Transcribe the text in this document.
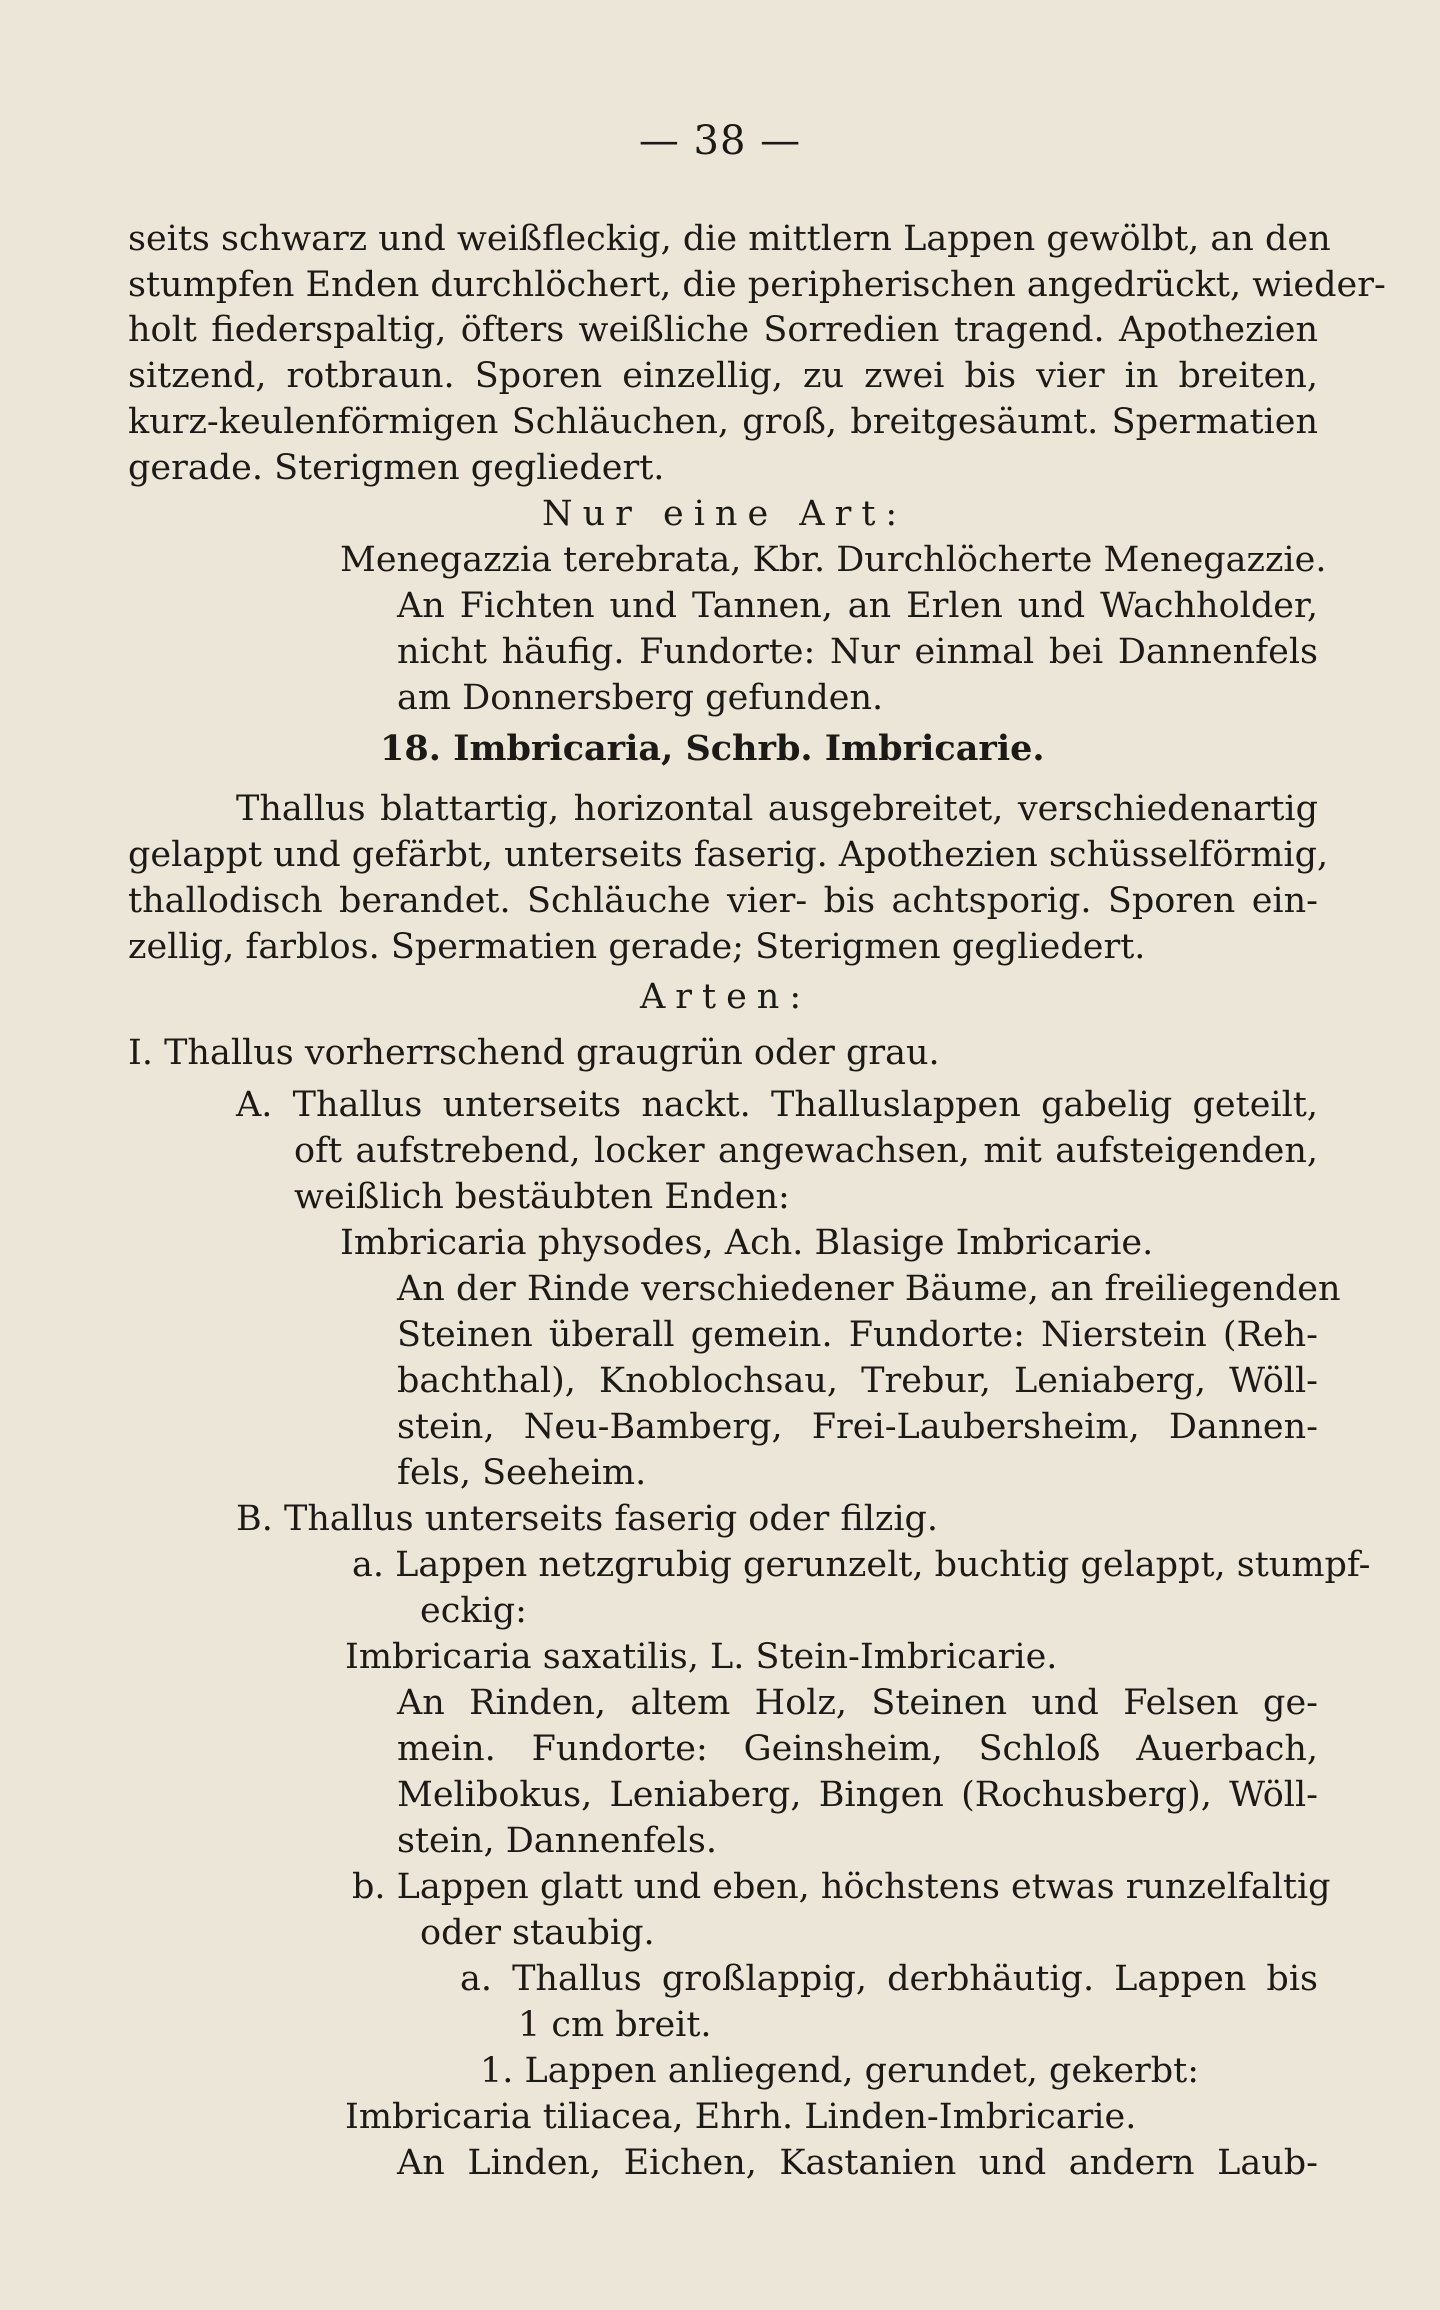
— 38 —
seits schwarz und weißfleckig, die mittlern Lappen gewölbt, an den
stumpfen Enden durchlöchert, die peripherischen angedrückt, wieder-
holt fiederspaltig, öfters weißliche Sorredien tragend. Apothezien
sitzend, rotbraun. Sporen einzellig, zu zwei bis vier in breiten,
kurz-keulenförmigen Schläuchen, groß, breitgesäumt. Spermatien
gerade. Sterigmen gegliedert.
Nur eine Art:
Menegazzia terebrata, Kbr. Durchlöcherte Menegazzie.
An Fichten und Tannen, an Erlen und Wachholder,
nicht häufig. Fundorte: Nur einmal bei Dannenfels
am Donnersberg gefunden.
18. Imbricaria, Schrb. Imbricarie.
Thallus blattartig, horizontal ausgebreitet, verschiedenartig
gelappt und gefärbt, unterseits faserig. Apothezien schüsselförmig,
thallodisch berandet. Schläuche vier- bis achtsporig. Sporen ein-
zellig, farblos. Spermatien gerade; Sterigmen gegliedert.
Arten:
I. Thallus vorherrschend graugrün oder grau.
A. Thallus unterseits nackt. Thalluslappen gabelig geteilt,
oft aufstrebend, locker angewachsen, mit aufsteigenden,
weißlich bestäubten Enden:
Imbricaria physodes, Ach. Blasige Imbricarie.
An der Rinde verschiedener Bäume, an freiliegenden
Steinen überall gemein. Fundorte: Nierstein (Reh-
bachthal), Knoblochsau, Trebur, Leniaberg, Wöll-
stein, Neu-Bamberg, Frei-Laubersheim, Dannen-
fels, Seeheim.
B. Thallus unterseits faserig oder filzig.
a. Lappen netzgrubig gerunzelt, buchtig gelappt, stumpf-
eckig:
Imbricaria saxatilis, L. Stein-Imbricarie.
An Rinden, altem Holz, Steinen und Felsen ge-
mein. Fundorte: Geinsheim, Schloß Auerbach,
Melibokus, Leniaberg, Bingen (Rochusberg), Wöll-
stein, Dannenfels.
b. Lappen glatt und eben, höchstens etwas runzelfaltig
oder staubig.
a. Thallus großlappig, derbhäutig. Lappen bis
1 cm breit.
1. Lappen anliegend, gerundet, gekerbt:
Imbricaria tiliacea, Ehrh. Linden-Imbricarie.
An Linden, Eichen, Kastanien und andern Laub-
